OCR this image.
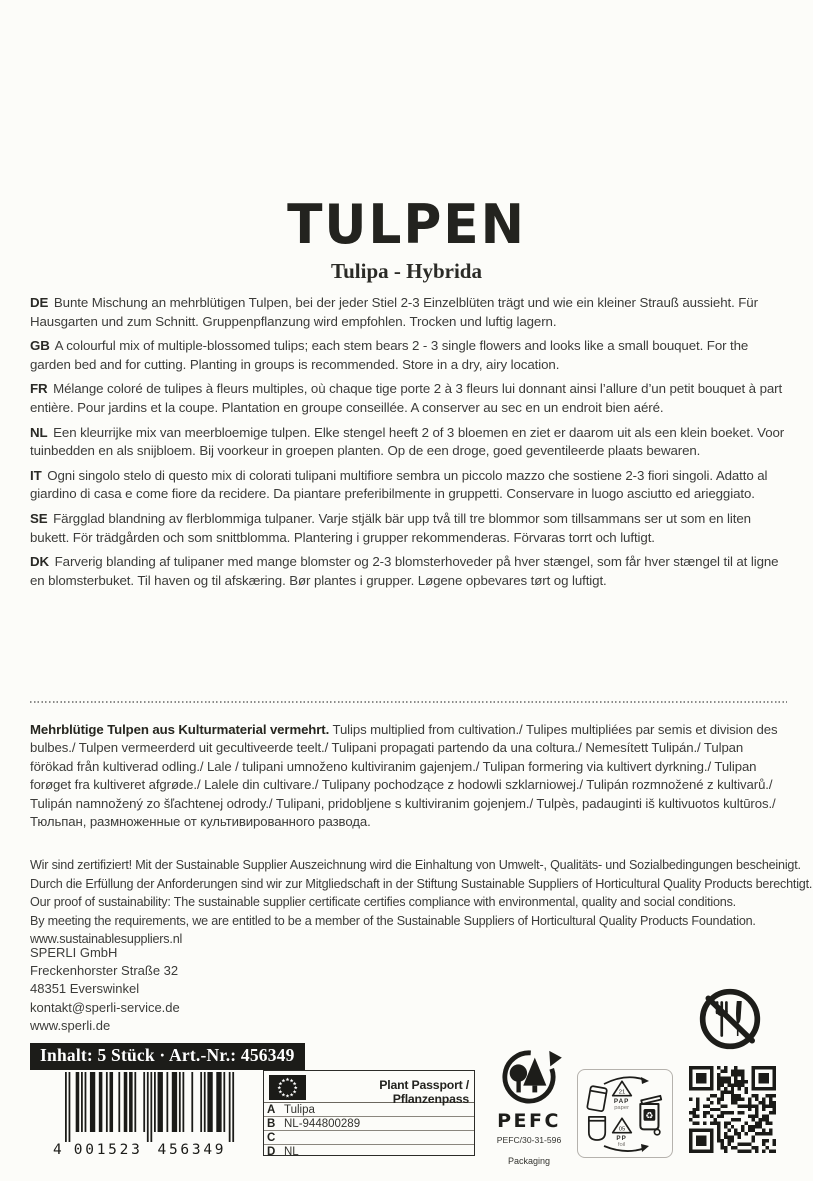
TULPEN
Tulipa - Hybrida

DE Bunte Mischung an mehrblütigen Tulpen, bei der jeder Stiel 2-3 Einzelblüten trägt und wie ein kleiner Strauß aussieht. Für Hausgarten und zum Schnitt. Gruppenpflanzung wird empfohlen. Trocken und luftig lagern.

GB A colourful mix of multiple-blossomed tulips; each stem bears 2 - 3 single flowers and looks like a small bouquet. For the garden bed and for cutting. Planting in groups is recommended. Store in a dry, airy location.

FR Mélange coloré de tulipes à fleurs multiples, où chaque tige porte 2 à 3 fleurs lui donnant ainsi l’allure d’un petit bouquet à part entière. Pour jardins et la coupe. Plantation en groupe conseillée. A conserver au sec en un endroit bien aéré.

NL Een kleurrijke mix van meerbloemige tulpen. Elke stengel heeft 2 of 3 bloemen en ziet er daarom uit als een klein boeket. Voor tuinbedden en als snijbloem. Bij voorkeur in groepen planten. Op de een droge, goed geventileerde plaats bewaren.

IT Ogni singolo stelo di questo mix di colorati tulipani multifiore sembra un piccolo mazzo che sostiene 2-3 fiori singoli. Adatto al giardino di casa e come fiore da recidere. Da piantare preferibilmente in gruppetti. Conservare in luogo asciutto ed arieggiato.

SE Färgglad blandning av flerblommiga tulpaner. Varje stjälk bär upp två till tre blommor som tillsammans ser ut som en liten bukett. För trädgården och som snittblomma. Plantering i grupper rekommenderas. Förvaras torrt och luftigt.

DK Farverig blanding af tulipaner med mange blomster og 2-3 blomsterhoveder på hver stængel, som får hver stængel til at ligne en blomsterbuket. Til haven og til afskæring. Bør plantes i grupper. Løgene opbevares tørt og luftigt.

Mehrblütige Tulpen aus Kulturmaterial vermehrt. Tulips multiplied from cultivation./ Tulipes multipliées par semis et division des bulbes./ Tulpen vermeerderd uit gecultiveerde teelt./ Tulipani propagati partendo da una coltura./ Nemesített Tulipán./ Tulpan förökad från kultiverad odling./ Lale / tulipani umnoženo kultiviranim gajenjem./ Tulipan formering via kultivert dyrkning./ Tulipan forøget fra kultiveret afgrøde./ Lalele din cultivare./ Tulipany pochodzące z hodowli szklarniowej./ Tulipán rozmnožené z kultivarů./ Tulipán namnožený zo šľachtenej odrody./ Tulipani, pridobljene s kultiviranim gojenjem./ Tulpès, padauginti iš kultivuotos kultūros./ Тюльпан, размноженные от культивированного развода.
Wir sind zertifiziert! Mit der Sustainable Supplier Auszeichnung wird die Einhaltung von Umwelt-, Qualitäts- und Sozialbedingungen bescheinigt.
Durch die Erfüllung der Anforderungen sind wir zur Mitgliedschaft in der Stiftung Sustainable Suppliers of Horticultural Quality Products berechtigt.
Our proof of sustainability: The sustainable supplier certificate certifies compliance with environmental, quality and social conditions.
By meeting the requirements, we are entitled to be a member of the Sustainable Suppliers of Horticultural Quality Products Foundation.
www.sustainablesuppliers.nl
SPERLI GmbH
Freckenhorster Straße 32
48351 Everswinkel
kontakt@sperli-service.de
www.sperli.de
Inhalt: 5 Stück · Art.-Nr.: 456349
4 001523 456349
Plant Passport / Pflanzenpass
A Tulipa
B NL-944800289
C
D NL
PEFC
PEFC/30-31-596
Packaging
21
PAP
paper
05
PP
foil
♻
